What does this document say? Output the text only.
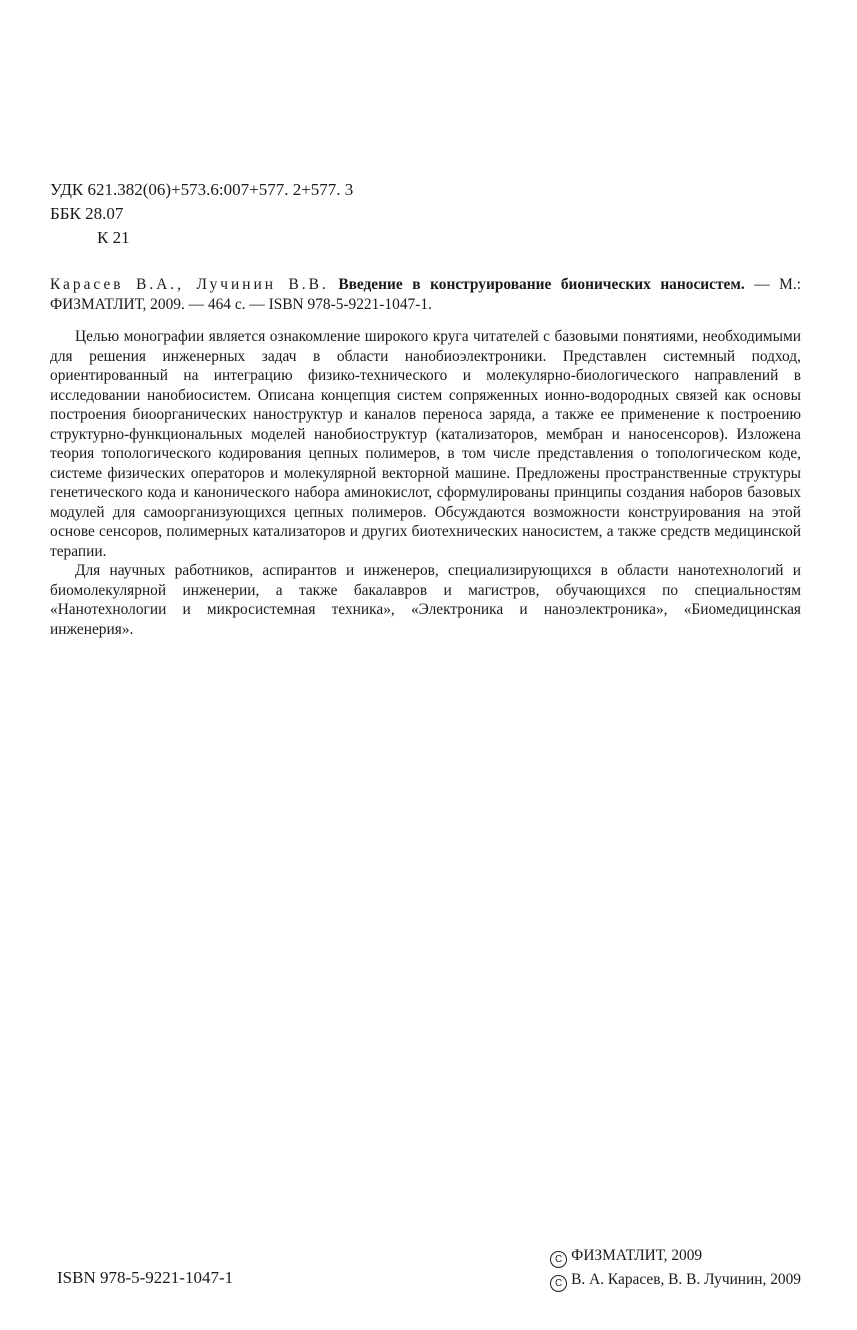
УДК 621.382(06)+573.6:007+577. 2+577. 3
ББК 28.07
К 21

Карасев В.А., Лучинин В.В. Введение в конструирование бионических наносистем. — М.: ФИЗМАТЛИТ, 2009. — 464 с. — ISBN 978-5-9221-1047-1.

Целью монографии является ознакомление широкого круга читателей с базовыми понятиями, необходимыми для решения инженерных задач в области нанобиоэлектроники. Представлен системный подход, ориентированный на интеграцию физико-технического и молекулярно-биологического направлений в исследовании нанобиосистем. Описана концепция систем сопряженных ионно-водородных связей как основы построения биоорганических наноструктур и каналов переноса заряда, а также ее применение к построению структурно-функциональных моделей нанобиоструктур (катализаторов, мембран и наносенсоров). Изложена теория топологического кодирования цепных полимеров, в том числе представления о топологическом коде, системе физических операторов и молекулярной векторной машине. Предложены пространственные структуры генетического кода и канонического набора аминокислот, сформулированы принципы создания наборов базовых модулей для самоорганизующихся цепных полимеров. Обсуждаются возможности конструирования на этой основе сенсоров, полимерных катализаторов и других биотехнических наносистем, а также средств медицинской терапии.

Для научных работников, аспирантов и инженеров, специализирующихся в области нанотехнологий и биомолекулярной инженерии, а также бакалавров и магистров, обучающихся по специальностям «Нанотехнологии и микросистемная техника», «Электроника и наноэлектроника», «Биомедицинская инженерия».

ISBN 978-5-9221-1047-1
C ФИЗМАТЛИТ, 2009
C В. А. Карасев, В. В. Лучинин, 2009
